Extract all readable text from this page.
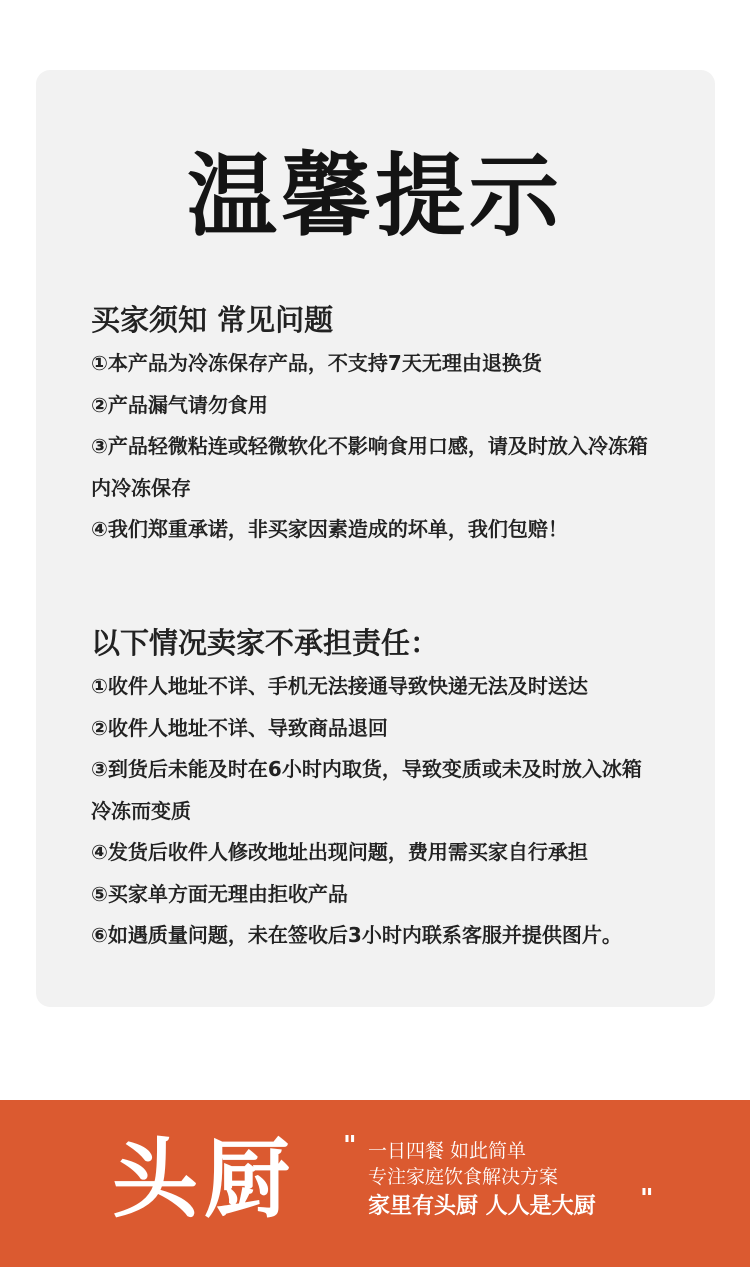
温馨提示
买家须知 常见问题
①本产品为冷冻保存产品，不支持7天无理由退换货
②产品漏气请勿食用
③产品轻微粘连或轻微软化不影响食用口感，请及时放入冷冻箱
内冷冻保存
④我们郑重承诺，非买家因素造成的坏单，我们包赔！
以下情况卖家不承担责任：
①收件人地址不详、手机无法接通导致快递无法及时送达
②收件人地址不详、导致商品退回
③到货后未能及时在6小时内取货，导致变质或未及时放入冰箱
冷冻而变质
④发货后收件人修改地址出现问题，费用需买家自行承担
⑤买家单方面无理由拒收产品
⑥如遇质量问题，未在签收后3小时内联系客服并提供图片。
头厨 " 一日四餐 如此简单
专注家庭饮食解决方案
家里有头厨 人人是大厨 "
